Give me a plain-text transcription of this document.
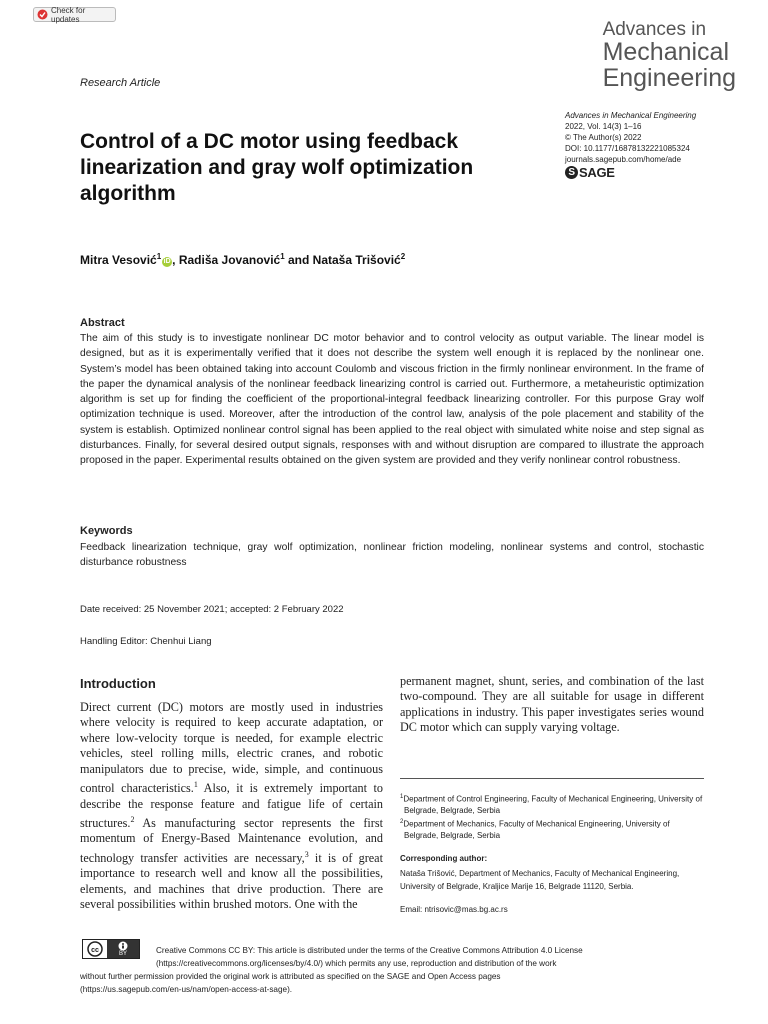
Check for updates	Advances in
Mechanical
Engineering
Research Article
Advances in Mechanical Engineering
2022, Vol. 14(3) 1–16
© The Author(s) 2022
DOI: 10.1177/16878132221085324
journals.sagepub.com/home/ade
S SAGE
Control of a DC motor using feedback linearization and gray wolf optimization algorithm
Mitra Vesović$^1$iD , Radiša Jovanović$^1$ and Nataša Trišović$^2$
Abstract
The aim of this study is to investigate nonlinear DC motor behavior and to control velocity as output variable. The linear model is designed, but as it is experimentally verified that it does not describe the system well enough it is replaced by the nonlinear one. System’s model has been obtained taking into account Coulomb and viscous friction in the firmly nonlinear environment. In the frame of the paper the dynamical analysis of the nonlinear feedback linearizing control is carried out. Furthermore, a metaheuristic optimization algorithm is set up for finding the coefficient of the proportional-integral feedback linearizing controller. For this purpose Gray wolf optimization technique is used. Moreover, after the introduction of the control law, analysis of the pole placement and stability of the system is establish. Optimized nonlinear control signal has been applied to the real object with simulated white noise and step signal as disturbances. Finally, for several desired output signals, responses with and without disruption are compared to illustrate the approach proposed in the paper. Experimental results obtained on the given system are provided and they verify nonlinear control robustness.
Keywords
Feedback linearization technique, gray wolf optimization, nonlinear friction modeling, nonlinear systems and control, stochastic disturbance robustness
Date received: 25 November 2021; accepted: 2 February 2022
Handling Editor: Chenhui Liang
Introduction
Direct current (DC) motors are mostly used in industries where velocity is required to keep accurate adaptation, or where low-velocity torque is needed, for example electric vehicles, steel rolling mills, electric cranes, and robotic manipulators due to precise, wide, simple, and continuous control characteristics.$^1$ Also, it is extremely important to describe the response feature and fatigue life of certain structures.$^2$ As manufacturing sector represents the first momentum of Energy-Based Maintenance evolution, and technology transfer activities are necessary,$^3$ it is of great importance to research well and know all the possibilities, elements, and machines that drive production. There are several possibilities within brushed motors. One with the
permanent magnet, shunt, series, and combination of the last two-compound. They are all suitable for usage in different applications in industry. This paper investigates series wound DC motor which can supply varying voltage.
$^1$Department of Control Engineering, Faculty of Mechanical Engineering, University of Belgrade, Belgrade, Serbia
$^2$Department of Mechanics, Faculty of Mechanical Engineering, University of Belgrade, Belgrade, Serbia
Corresponding author:
Nataša Trišović, Department of Mechanics, Faculty of Mechanical Engineering, University of Belgrade, Kraljice Marije 16, Belgrade 11120, Serbia.
Email: ntrisovic@mas.bg.ac.rs
cc	BY	Creative Commons CC BY: This article is distributed under the terms of the Creative Commons Attribution 4.0 License
(https://creativecommons.org/licenses/by/4.0/) which permits any use, reproduction and distribution of the work
without further permission provided the original work is attributed as specified on the SAGE and Open Access pages
(https://us.sagepub.com/en-us/nam/open-access-at-sage).
